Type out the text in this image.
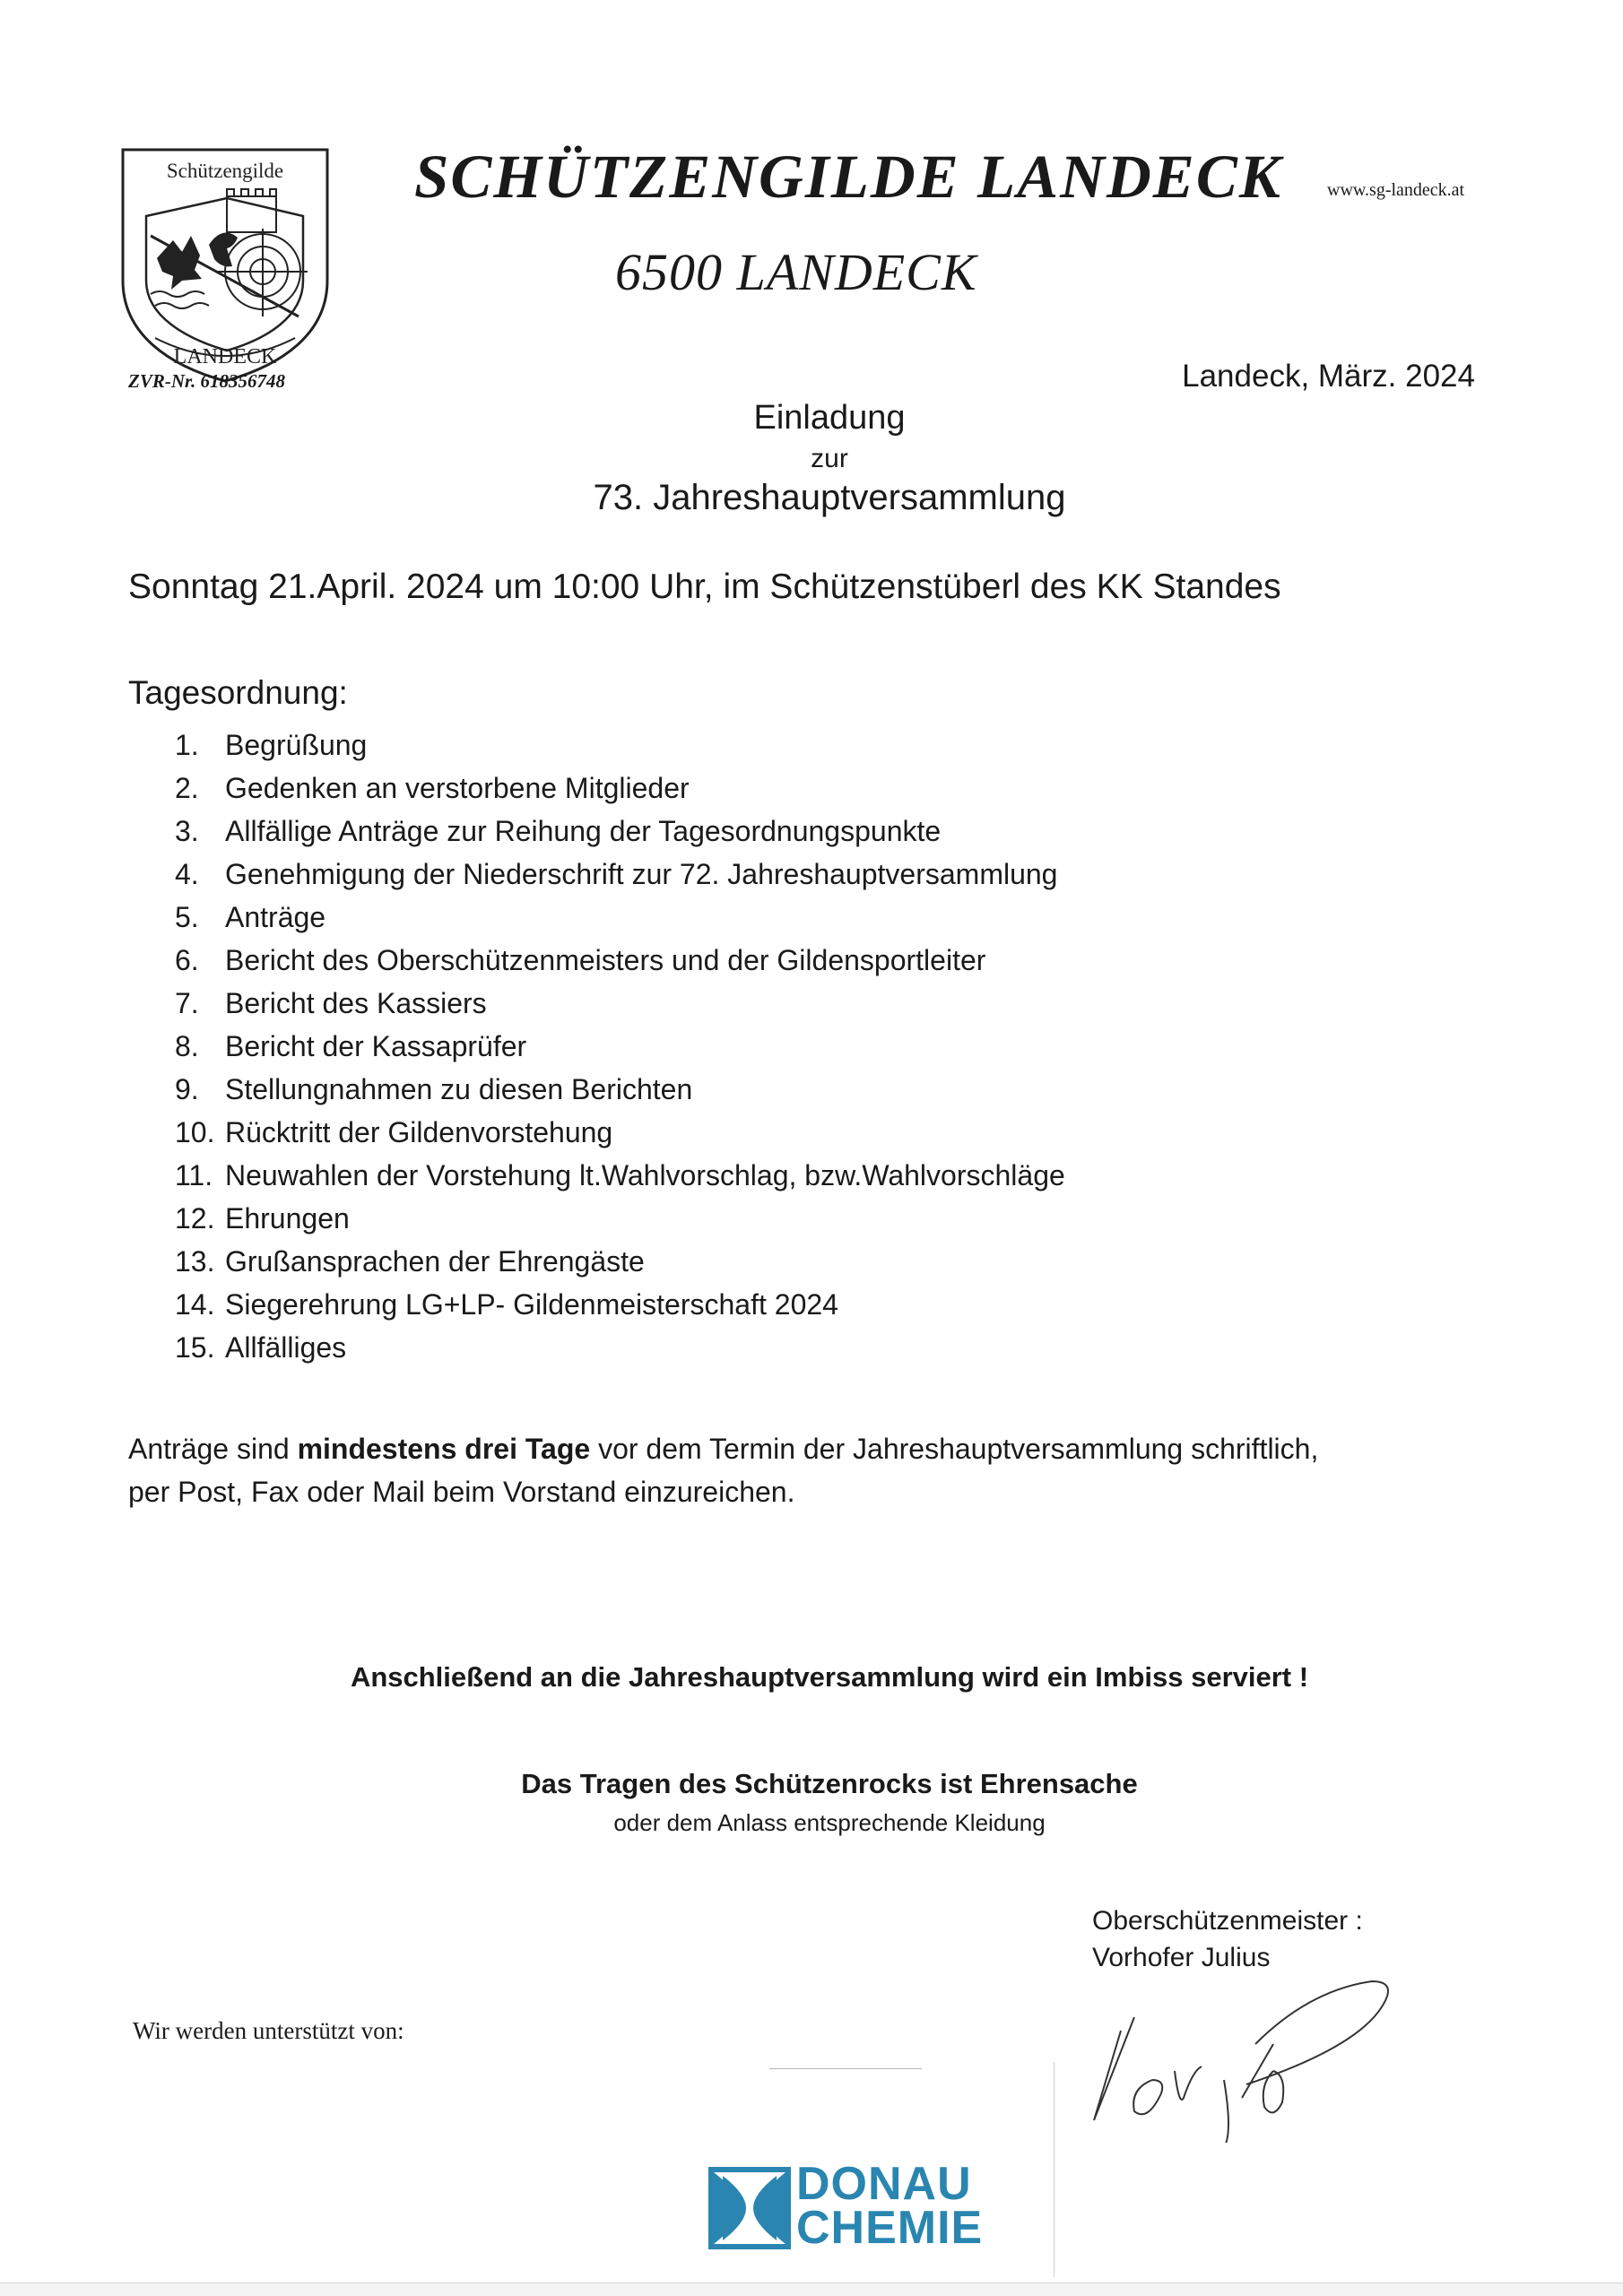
Schützengilde
LANDECK
ZVR-Nr. 618356748
SCHÜTZENGILDE LANDECK	www.sg-landeck.at
6500 LANDECK
Landeck, März. 2024
Einladung
zur
73. Jahreshauptversammlung
Sonntag 21.April. 2024 um 10:00 Uhr, im Schützenstüberl des KK Standes
Tagesordnung:
1. Begrüßung
2. Gedenken an verstorbene Mitglieder
3. Allfällige Anträge zur Reihung der Tagesordnungspunkte
4. Genehmigung der Niederschrift zur 72. Jahreshauptversammlung
5. Anträge
6. Bericht des Oberschützenmeisters und der Gildensportleiter
7. Bericht des Kassiers
8. Bericht der Kassaprüfer
9. Stellungnahmen zu diesen Berichten
10. Rücktritt der Gildenvorstehung
11. Neuwahlen der Vorstehung lt.Wahlvorschlag, bzw.Wahlvorschläge
12. Ehrungen
13. Grußansprachen der Ehrengäste
14. Siegerehrung LG+LP- Gildenmeisterschaft 2024
15. Allfälliges
Anträge sind mindestens drei Tage vor dem Termin der Jahreshauptversammlung schriftlich,
per Post, Fax oder Mail beim Vorstand einzureichen.
Anschließend an die Jahreshauptversammlung wird ein Imbiss serviert !
Das Tragen des Schützenrocks ist Ehrensache
oder dem Anlass entsprechende Kleidung
Oberschützenmeister :
Vorhofer Julius
Wir werden unterstützt von:
DONAU
CHEMIE
